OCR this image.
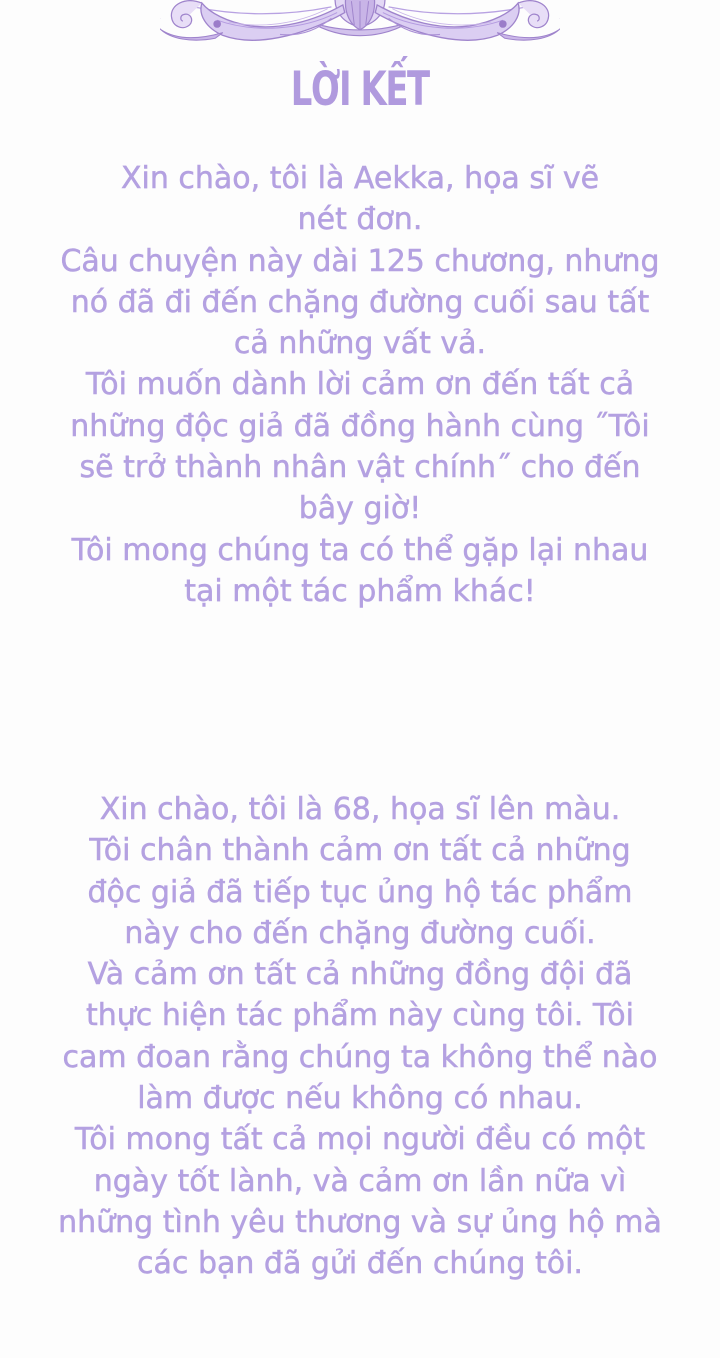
LỜI KẾT
Xin chào, tôi là Aekka, họa sĩ vẽ
nét đơn.
Câu chuyện này dài 125 chương, nhưng
nó đã đi đến chặng đường cuối sau tất
cả những vất vả.
Tôi muốn dành lời cảm ơn đến tất cả
những độc giả đã đồng hành cùng ˝Tôi
sẽ trở thành nhân vật chính˝ cho đến
bây giờ!
Tôi mong chúng ta có thể gặp lại nhau
tại một tác phẩm khác!
Xin chào, tôi là 68, họa sĩ lên màu.
Tôi chân thành cảm ơn tất cả những
độc giả đã tiếp tục ủng hộ tác phẩm
này cho đến chặng đường cuối.
Và cảm ơn tất cả những đồng đội đã
thực hiện tác phẩm này cùng tôi. Tôi
cam đoan rằng chúng ta không thể nào
làm được nếu không có nhau.
Tôi mong tất cả mọi người đều có một
ngày tốt lành, và cảm ơn lần nữa vì
những tình yêu thương và sự ủng hộ mà
các bạn đã gửi đến chúng tôi.
